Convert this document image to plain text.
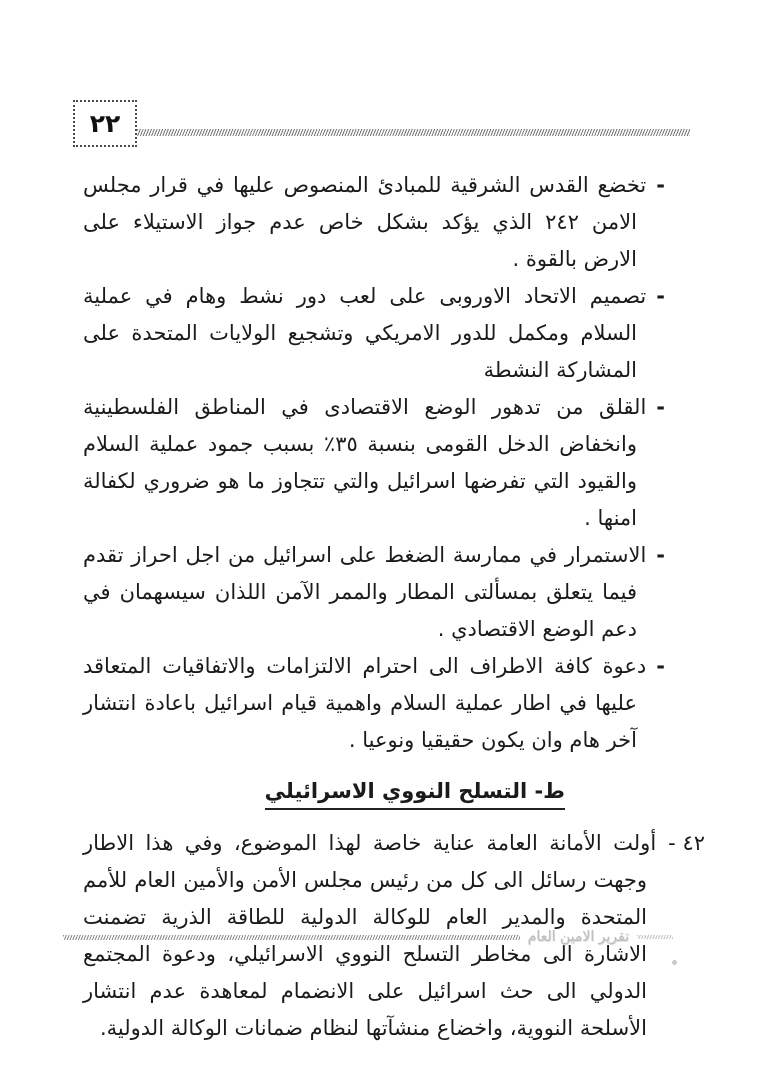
٢٢

-تخضع القدس الشرقية للمبادئ المنصوص عليها في قرار مجلس الامن ٢٤٢ الذي يؤكد بشكل خاص عدم جواز الاستيلاء على الارض بالقوة .

-تصميم الاتحاد الاوروبى على لعب دور نشط وهام في عملية السلام ومكمل للدور الامريكي وتشجيع الولايات المتحدة على المشاركة النشطة

-القلق من تدهور الوضع الاقتصادى في المناطق الفلسطينية وانخفاض الدخل القومى بنسبة ٣٥٪ بسبب جمود عملية السلام والقيود التي تفرضها اسرائيل والتي تتجاوز ما هو ضروري لكفالة امنها .

-الاستمرار في ممارسة الضغط على اسرائيل من اجل احراز تقدم فيما يتعلق بمسألتى المطار والممر الآمن اللذان سيسهمان في دعم الوضع الاقتصادي .

-دعوة كافة الاطراف الى احترام الالتزامات والاتفاقيات المتعاقد عليها في اطار عملية السلام واهمية قيام اسرائيل باعادة انتشار آخر هام وان يكون حقيقيا ونوعيا .

ط- التسلح النووي الاسرائيلي

٤٢ -أولت الأمانة العامة عناية خاصة لهذا الموضوع، وفي هذا الاطار وجهت رسائل الى كل من رئيس مجلس الأمن والأمين العام للأمم المتحدة والمدير العام للوكالة الدولية للطاقة الذرية تضمنت الاشارة الى مخاطر التسلح النووي الاسرائيلي، ودعوة المجتمع الدولي الى حث اسرائيل على الانضمام لمعاهدة عدم انتشار الأسلحة النووية، واخضاع منشآتها لنظام ضمانات الوكالة الدولية.

تقرير الامين العام
